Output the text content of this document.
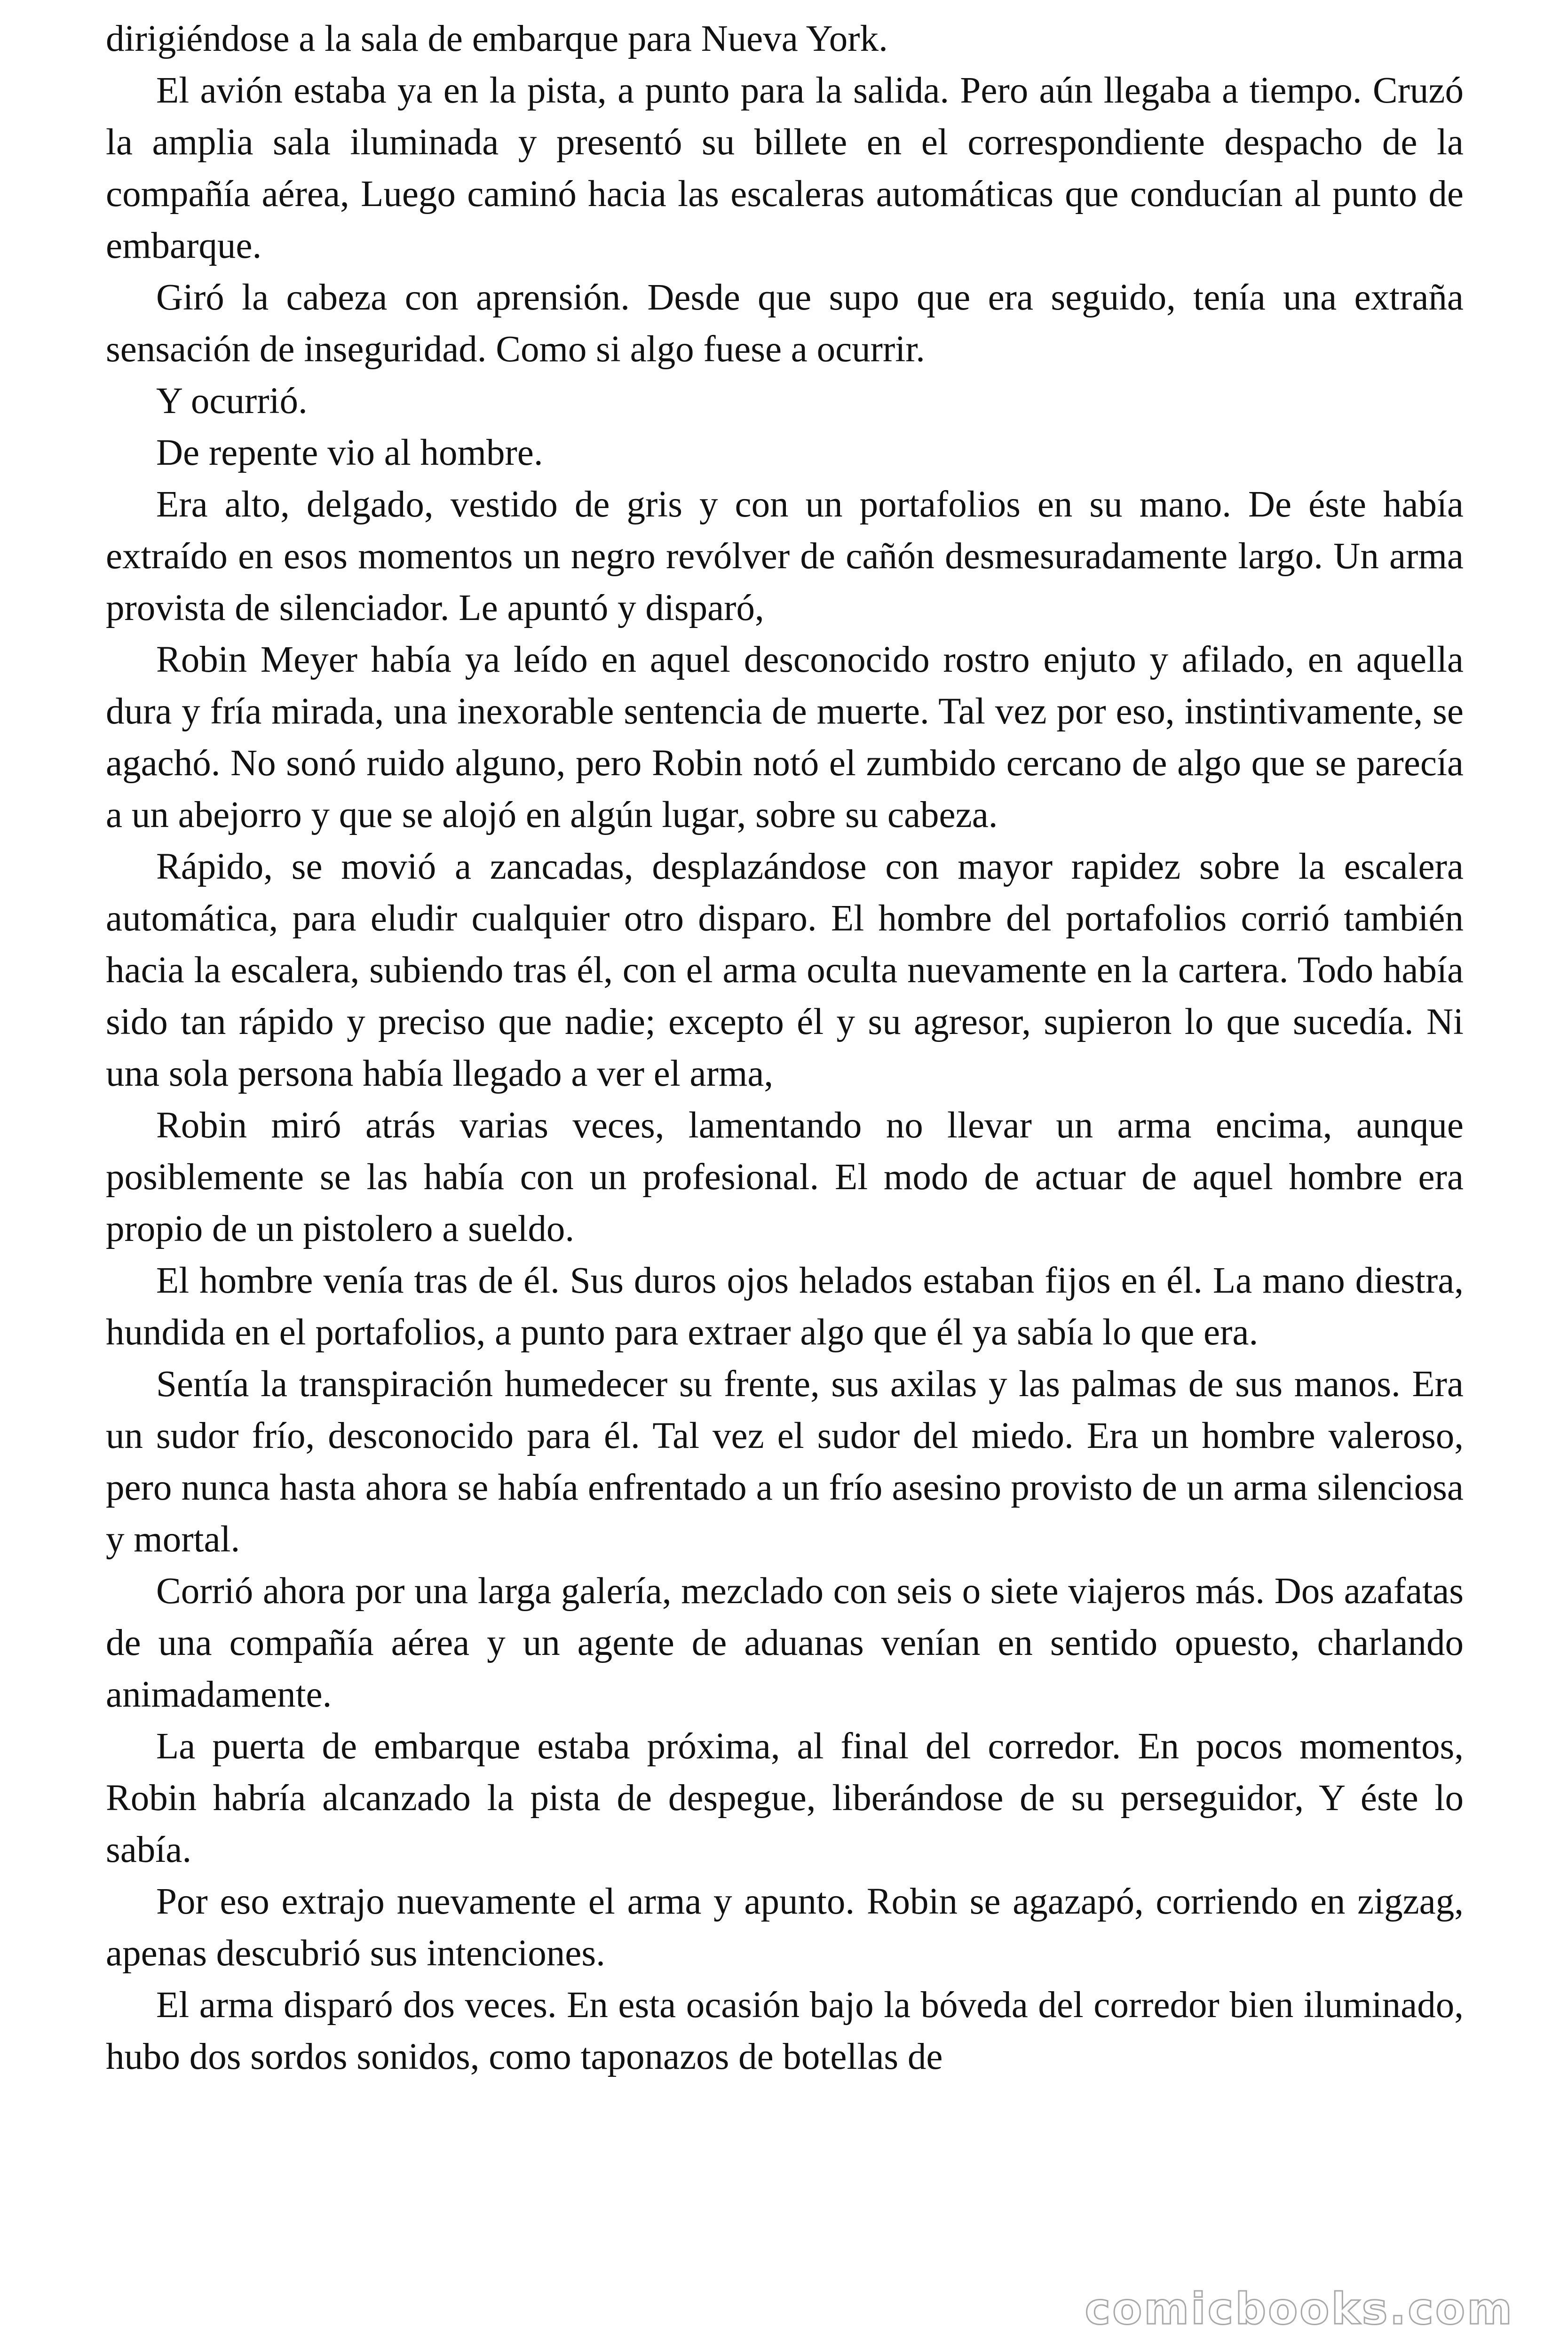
dirigiéndose a la sala de embarque para Nueva York.

El avión estaba ya en la pista, a punto para la salida. Pero aún llegaba a tiempo. Cruzó la amplia sala iluminada y presentó su billete en el correspondiente despacho de la compañía aérea, Luego caminó hacia las escaleras automáticas que conducían al punto de embarque.

Giró la cabeza con aprensión. Desde que supo que era seguido, tenía una extraña sensación de inseguridad. Como si algo fuese a ocurrir.

Y ocurrió.

De repente vio al hombre.

Era alto, delgado, vestido de gris y con un portafolios en su mano. De éste había extraído en esos momentos un negro revólver de cañón desmesuradamente largo. Un arma provista de silenciador. Le apuntó y disparó,

Robin Meyer había ya leído en aquel desconocido rostro enjuto y afilado, en aquella dura y fría mirada, una inexorable sentencia de muerte. Tal vez por eso, instintivamente, se agachó. No sonó ruido alguno, pero Robin notó el zumbido cercano de algo que se parecía a un abejorro y que se alojó en algún lugar, sobre su cabeza.

Rápido, se movió a zancadas, desplazándose con mayor rapidez sobre la escalera automática, para eludir cualquier otro disparo. El hombre del portafolios corrió también hacia la escalera, subiendo tras él, con el arma oculta nuevamente en la cartera. Todo había sido tan rápido y preciso que nadie; excepto él y su agresor, supieron lo que sucedía. Ni una sola persona había llegado a ver el arma,

Robin miró atrás varias veces, lamentando no llevar un arma encima, aunque posiblemente se las había con un profesional. El modo de actuar de aquel hombre era propio de un pistolero a sueldo.

El hombre venía tras de él. Sus duros ojos helados estaban fijos en él. La mano diestra, hundida en el portafolios, a punto para extraer algo que él ya sabía lo que era.

Sentía la transpiración humedecer su frente, sus axilas y las palmas de sus manos. Era un sudor frío, desconocido para él. Tal vez el sudor del miedo. Era un hombre valeroso, pero nunca hasta ahora se había enfrentado a un frío asesino provisto de un arma silenciosa y mortal.

Corrió ahora por una larga galería, mezclado con seis o siete viajeros más. Dos azafatas de una compañía aérea y un agente de aduanas venían en sentido opuesto, charlando animadamente.

La puerta de embarque estaba próxima, al final del corredor. En pocos momentos, Robin habría alcanzado la pista de despegue, liberándose de su perseguidor, Y éste lo sabía.

Por eso extrajo nuevamente el arma y apunto. Robin se agazapó, corriendo en zigzag, apenas descubrió sus intenciones.

El arma disparó dos veces. En esta ocasión bajo la bóveda del corredor bien iluminado, hubo dos sordos sonidos, como taponazos de botellas de

comicbooks.com
